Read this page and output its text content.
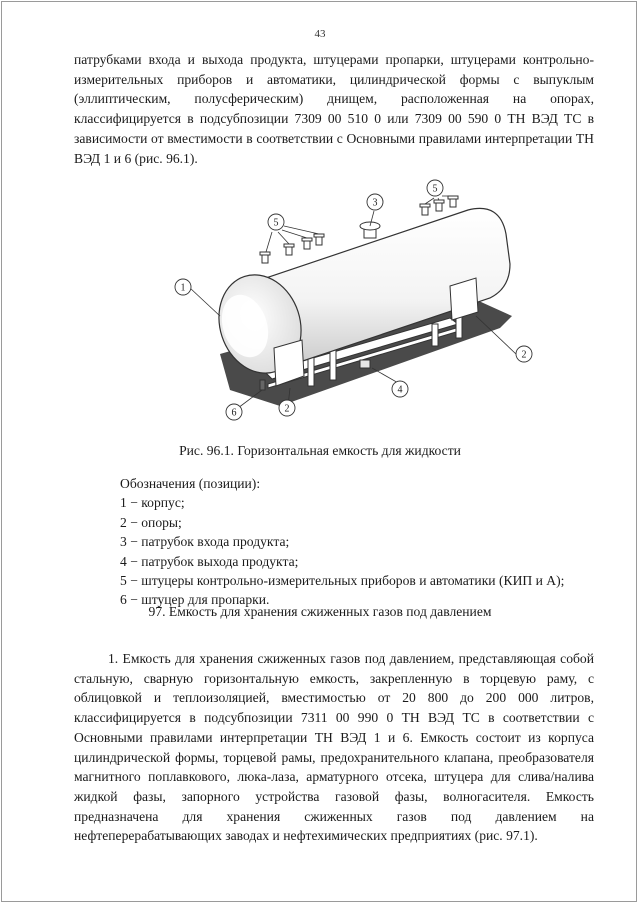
43

патрубками входа и выхода продукта, штуцерами пропарки, штуцерами контрольно-измерительных приборов и автоматики, цилиндрической формы с выпуклым (эллиптическим, полусферическим) днищем, расположенная на опорах, классифицируется в подсубпозиции 7309 00 510 0 или 7309 00 590 0 ТН ВЭД ТС в зависимости от вместимости в соответствии с Основными правилами интерпретации ТН ВЭД 1 и 6 (рис. 96.1).

1
5
3
5
2
4
2
6
Рис. 96.1. Горизонтальная емкость для жидкости
Обозначения (позиции):
1 − корпус;
2 − опоры;
3 − патрубок входа продукта;
4 − патрубок выхода продукта;
5 − штуцеры контрольно-измерительных приборов и автоматики (КИП и А);
6 − штуцер для пропарки.
97. Емкость для хранения сжиженных газов под давлением

1. Емкость для хранения сжиженных газов под давлением, представляющая собой стальную, сварную горизонтальную емкость, закрепленную в торцевую раму, с облицовкой и теплоизоляцией, вместимостью от 20 800 до 200 000 литров, классифицируется в подсубпозиции 7311 00 990 0 ТН ВЭД ТС в соответствии с Основными правилами интерпретации ТН ВЭД 1 и 6. Емкость состоит из корпуса цилиндрической формы, торцевой рамы, предохранительного клапана, преобразователя магнитного поплавкового, люка-лаза, арматурного отсека, штуцера для слива/налива жидкой фазы, запорного устройства газовой фазы, волногасителя. Емкость предназначена для хранения сжиженных газов под давлением на нефтеперерабатывающих заводах и нефтехимических предприятиях (рис. 97.1).
